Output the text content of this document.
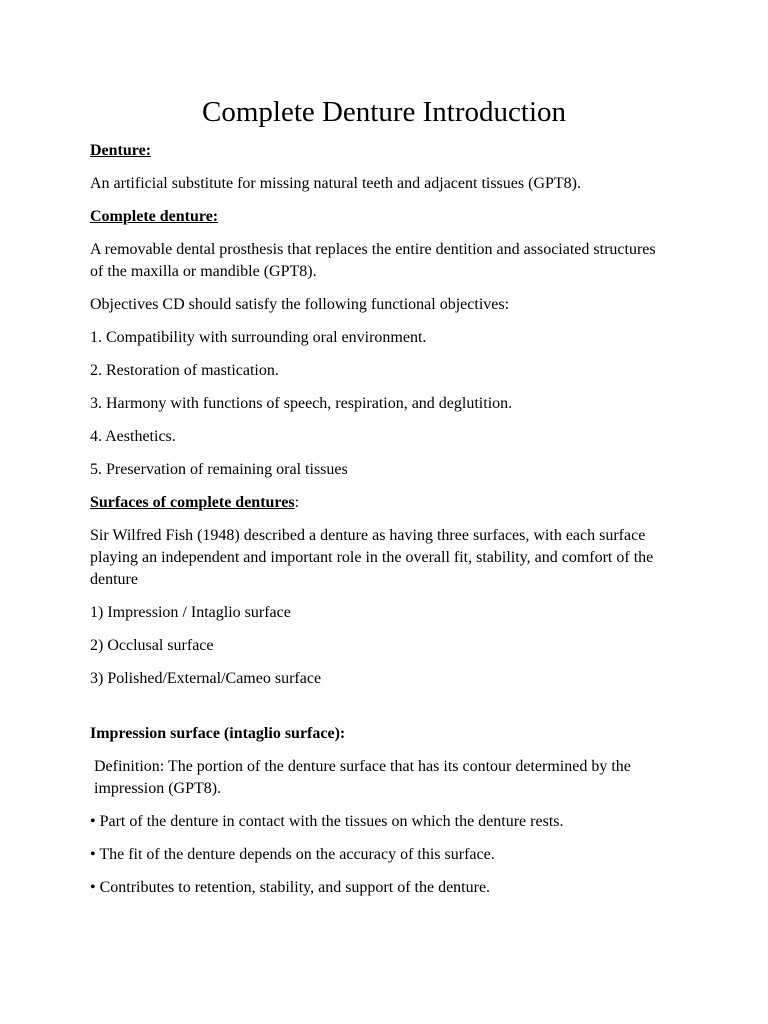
Complete Denture Introduction
Denture:
An artificial substitute for missing natural teeth and adjacent tissues (GPT8).
Complete denture:
A removable dental prosthesis that replaces the entire dentition and associated structures of the maxilla or mandible (GPT8).
Objectives CD should satisfy the following functional objectives:
1. Compatibility with surrounding oral environment.
2. Restoration of mastication.
3. Harmony with functions of speech, respiration, and deglutition.
4. Aesthetics.
5. Preservation of remaining oral tissues
Surfaces of complete dentures:
Sir Wilfred Fish (1948) described a denture as having three surfaces, with each surface playing an independent and important role in the overall fit, stability, and comfort of the denture
1) Impression / Intaglio surface
2) Occlusal surface
3) Polished/External/Cameo surface
Impression surface (intaglio surface):
Definition: The portion of the denture surface that has its contour determined by the impression (GPT8).
• Part of the denture in contact with the tissues on which the denture rests.
• The fit of the denture depends on the accuracy of this surface.
• Contributes to retention, stability, and support of the denture.
